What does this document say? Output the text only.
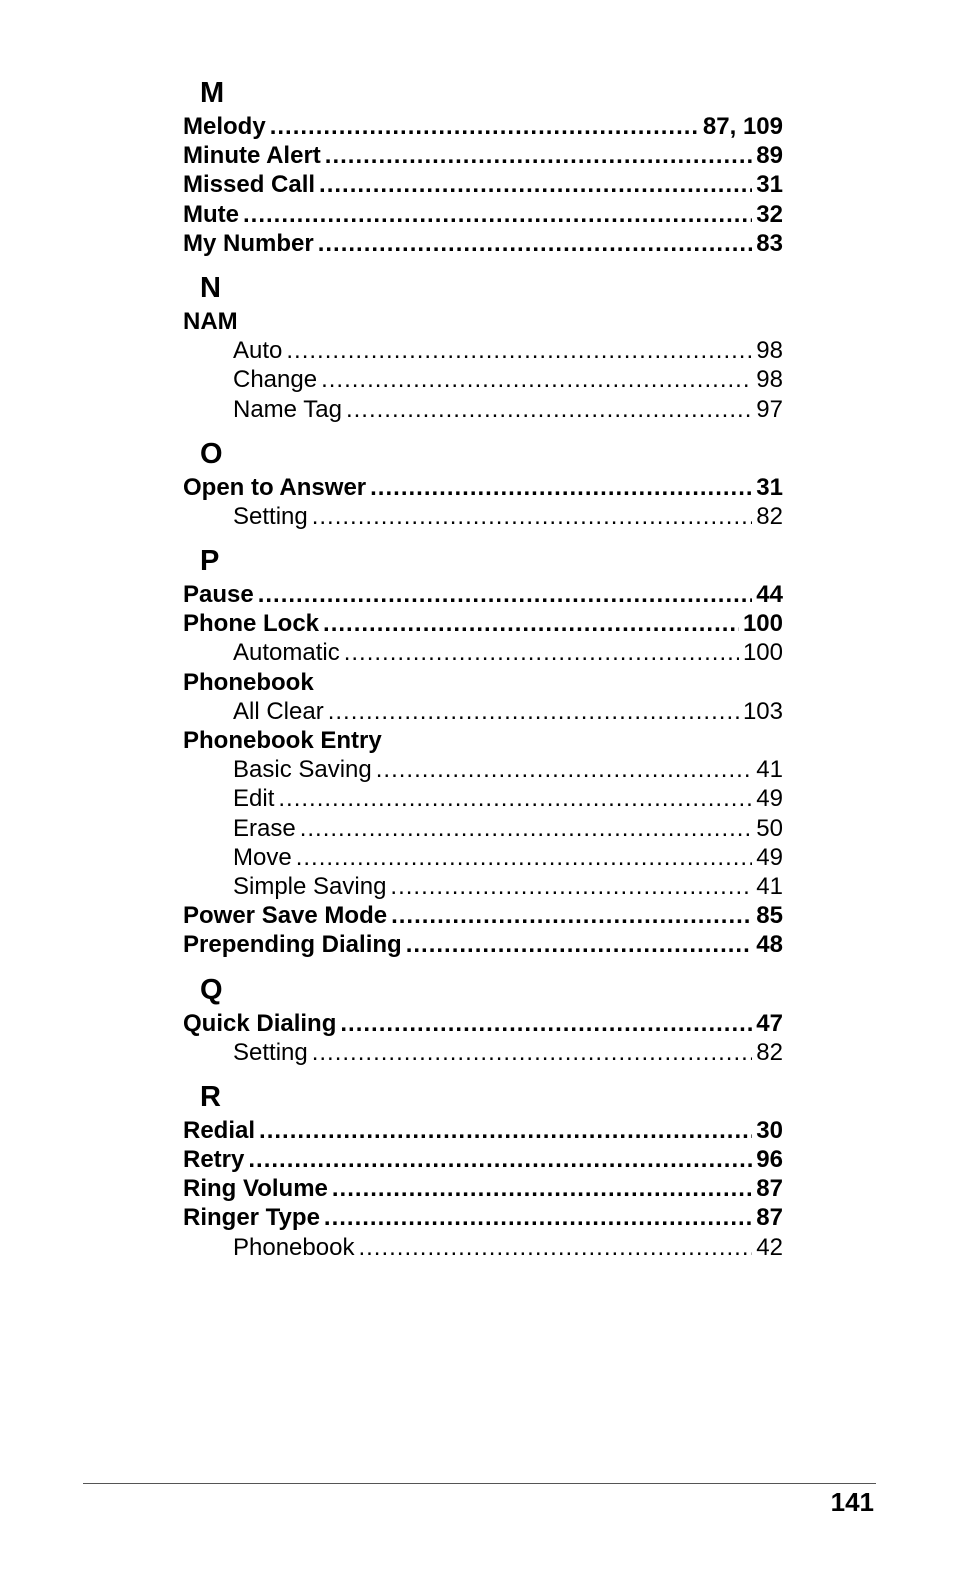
M
Melody .....	87, 109
Minute Alert .....	89
Missed Call .....	31
Mute .....	32
My Number .....	83
N
NAM
Auto .....	98
Change .....	98
Name Tag .....	97
O
Open to Answer .....	31
Setting .....	82
P
Pause .....	44
Phone Lock .....	100
Automatic .....	100
Phonebook
All Clear .....	103
Phonebook Entry
Basic Saving .....	41
Edit .....	49
Erase .....	50
Move .....	49
Simple Saving .....	41
Power Save Mode .....	85
Prepending Dialing .....	48
Q
Quick Dialing .....	47
Setting .....	82
R
Redial .....	30
Retry .....	96
Ring Volume .....	87
Ringer Type .....	87
Phonebook .....	42
141
